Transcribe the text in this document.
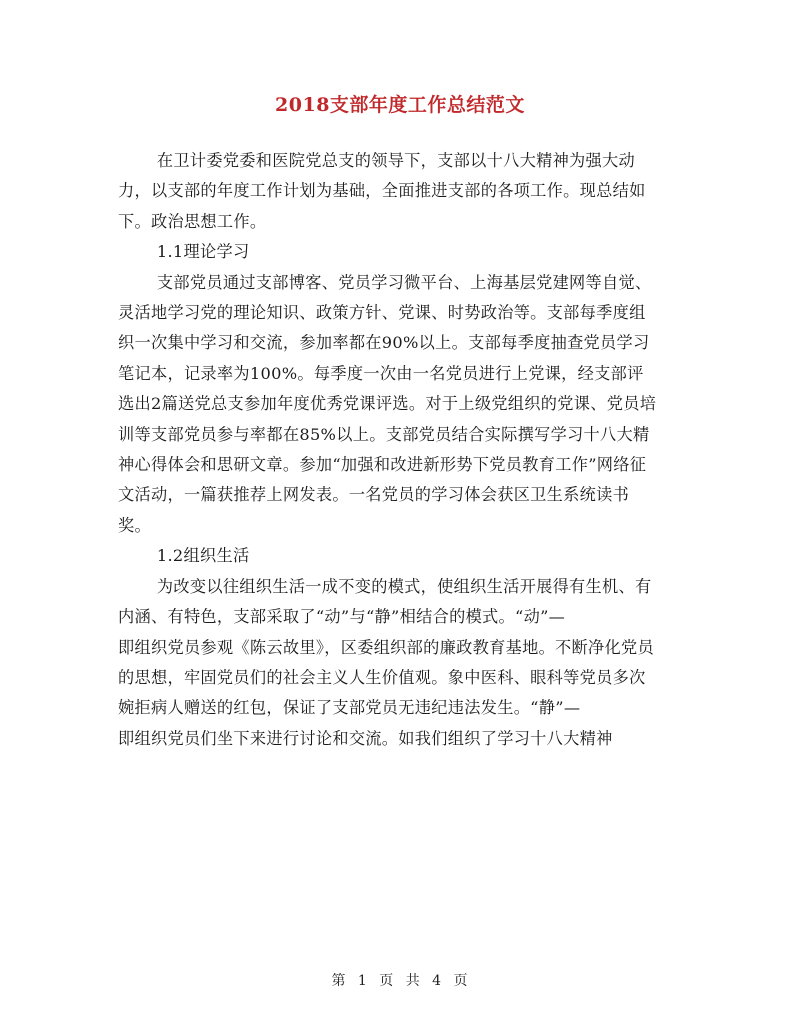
2018支部年度工作总结范文

在卫计委党委和医院党总支的领导下，支部以十八大精神为强大动力，以支部的年度工作计划为基础，全面推进支部的各项工作。现总结如下。政治思想工作。

1.1理论学习

支部党员通过支部博客、党员学习微平台、上海基层党建网等自觉、灵活地学习党的理论知识、政策方针、党课、时势政治等。支部每季度组织一次集中学习和交流，参加率都在90%以上。支部每季度抽查党员学习笔记本，记录率为100%。每季度一次由一名党员进行上党课，经支部评选出2篇送党总支参加年度优秀党课评选。对于上级党组织的党课、党员培训等支部党员参与率都在85%以上。支部党员结合实际撰写学习十八大精神心得体会和思研文章。参加“加强和改进新形势下党员教育工作”网络征文活动，一篇获推荐上网发表。一名党员的学习体会获区卫生系统读书奖。

1.2组织生活

为改变以往组织生活一成不变的模式，使组织生活开展得有生机、有内涵、有特色，支部采取了“动”与“静”相结合的模式。“动”—

即组织党员参观《陈云故里》，区委组织部的廉政教育基地。不断净化党员的思想，牢固党员们的社会主义人生价值观。象中医科、眼科等党员多次婉拒病人赠送的红包，保证了支部党员无违纪违法发生。“静”—

即组织党员们坐下来进行讨论和交流。如我们组织了学习十八大精神

第 1 页 共 4 页
